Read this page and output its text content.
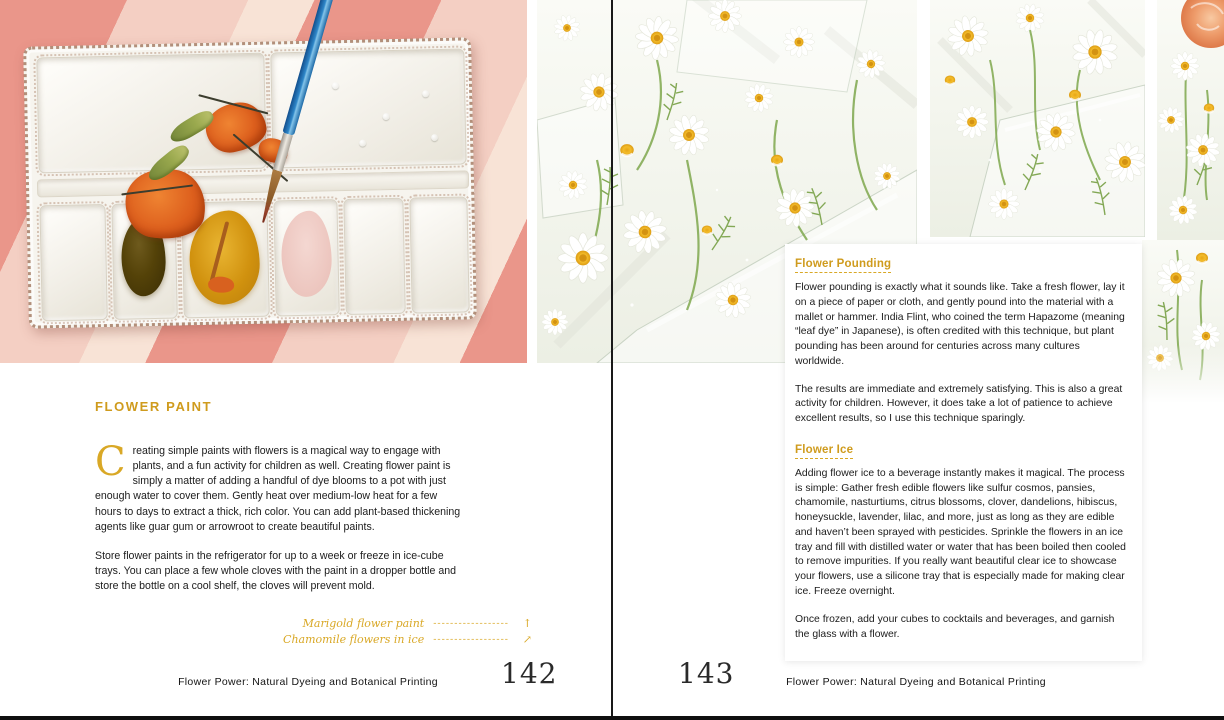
FLOWER PAINT

Creating simple paints with flowers is a magical way to engage with plants, and a fun activity for children as well. Creating flower paint is simply a matter of adding a handful of dye blooms to a pot with just enough water to cover them. Gently heat over medium-low heat for a few hours to days to extract a thick, rich color. You can add plant-based thickening agents like guar gum or arrowroot to create beautiful paints.

Store flower paints in the refrigerator for up to a week or freeze in ice-cube trays. You can place a few whole cloves with the paint in a dropper bottle and store the bottle on a cool shelf, the cloves will prevent mold.

Marigold flower paint ------------------	↑
Chamomile flowers in ice ------------------	↗
Flower Power: Natural Dyeing and Botanical Printing	142
Flower Pounding

Flower pounding is exactly what it sounds like. Take a fresh flower, lay it on a piece of paper or cloth, and gently pound into the material with a mallet or hammer. India Flint, who coined the term Hapazome (meaning “leaf dye” in Japanese), is often credited with this technique, but plant pounding has been around for centuries across many cultures worldwide.

The results are immediate and extremely satisfying. This is also a great activity for children. However, it does take a lot of patience to achieve excellent results, so I use this technique sparingly.

Flower Ice

Adding flower ice to a beverage instantly makes it magical. The process is simple: Gather fresh edible flowers like sulfur cosmos, pansies, chamomile, nasturtiums, citrus blossoms, clover, dandelions, hibiscus, honeysuckle, lavender, lilac, and more, just as long as they are edible and haven’t been sprayed with pesticides. Sprinkle the flowers in an ice tray and fill with distilled water or water that has been boiled then cooled to remove impurities. If you really want beautiful clear ice to showcase your flowers, use a silicone tray that is especially made for making clear ice. Freeze overnight.

Once frozen, add your cubes to cocktails and beverages, and garnish the glass with a flower.

143	Flower Power: Natural Dyeing and Botanical Printing
